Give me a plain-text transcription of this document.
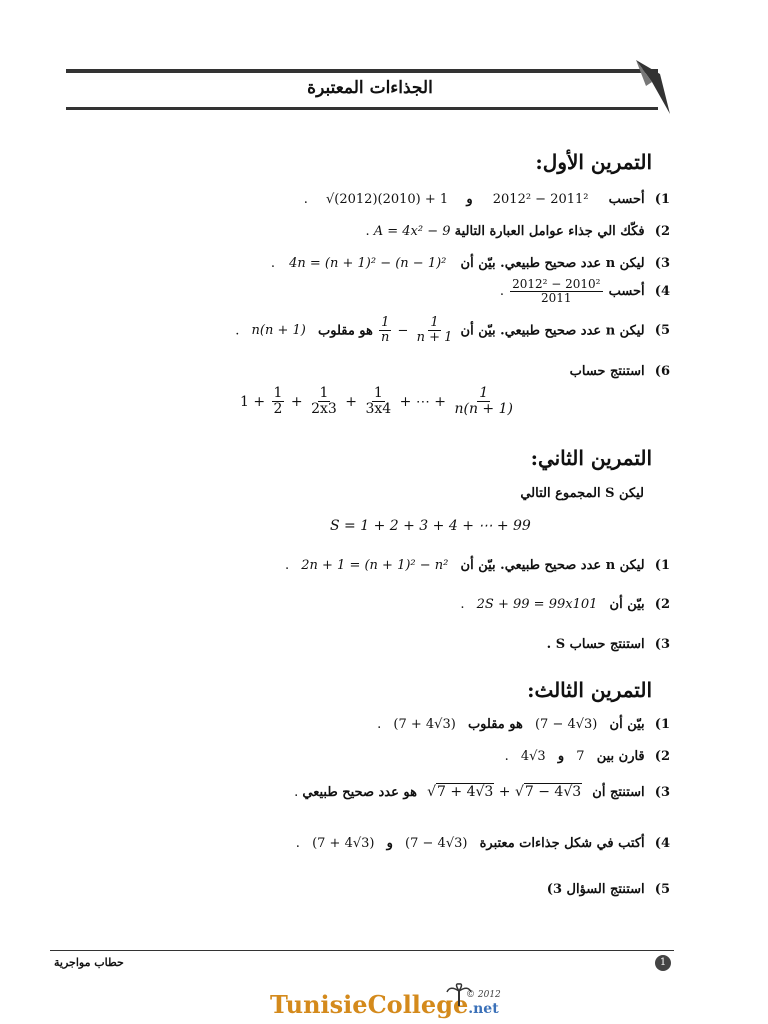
الجذاءات المعتبرة
التمرين الأول:
1) أحسب 2012² − 2011² و √(2012)(2010) + 1 .
2) فكّك الي جذاء عوامل العبارة التالية A = 4x² − 9 .
3) ليكن n عدد صحيح طبيعي. بيّن أن 4n = (n + 1)² − (n − 1)² .
4) أحسب
$\frac{\text{2012² − 2010²}}{2011}$
.
5) ليكن n عدد صحيح طبيعي. بيّن أن
$\frac{1}{n} - \frac{1}{n + 1}$
هو مقلوب n(n + 1) .
6) استنتج حساب
$1 + \frac{1}{2} + \frac{1}{2x3} + \frac{1}{3x4}$ + ⋯ + $\frac{1}{n(n + 1)}$
التمرين الثاني:
ليكن S المجموع التالي
S = 1 + 2 + 3 + 4 + ⋯ + 99
1) ليكن n عدد صحيح طبيعي. بيّن أن 2n + 1 = (n + 1)² − n² .
2) بيّن أن 2S + 99 = 99x101 .
3) استنتج حساب S .
التمرين الثالث:
1) بيّن أن (7 − 4√3) هو مقلوب (7 + 4√3) .
2) قارن بين 7 و 4√3 .
3) استنتج أن √7 + 4√3 + √7 − 4√3 هو عدد صحيح طبيعي .
4) أكتب في شكل جذاءات معتبرة (7 − 4√3) و (7 + 4√3) .
5) استنتج السؤال 3)
1
حطاب مواجرية
TunisieCollege.net
© 2012
